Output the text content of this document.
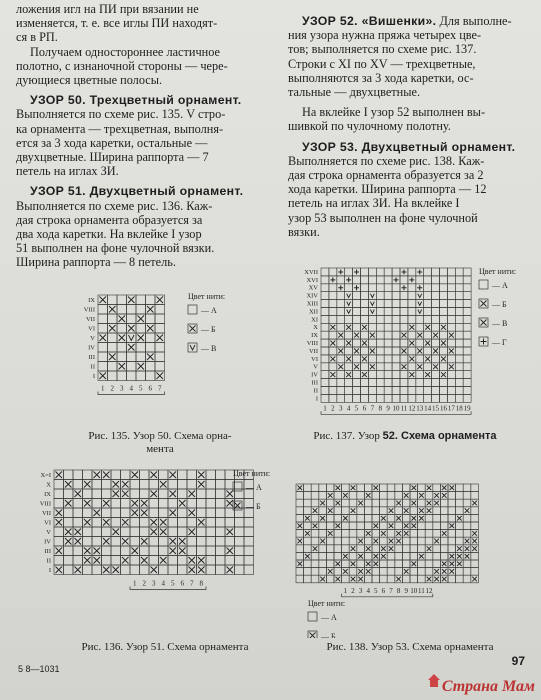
ложения игл на ПИ при вязании не

изменяется, т. е. все иглы ПИ находят-

ся в РП.

Получаем одностороннее ластичное

полотно, с изнаночной стороны — чере-

дующиеся цветные полосы.

УЗОР 50. Трехцветный орнамент.

Выполняется по схеме рис. 135. V стро-

ка орнамента — трехцветная, выполня-

ется за 3 хода каретки, остальные —

двухцветные. Ширина раппорта — 7

петель на иглах ЗИ.

УЗОР 51. Двухцветный орнамент.

Выполняется по схеме рис. 136. Каж-

дая строка орнамента образуется за

два хода каретки. На вклейке I узор

51 выполнен на фоне чулочной вязки.

Ширина раппорта — 8 петель.

УЗОР 52. «Вишенки». Для выполне-

ния узора нужна пряжа четырех цве-

тов; выполняется по схеме рис. 137.

Строки с XI по XV — трехцветные,

выполняются за 3 хода каретки, ос-

тальные — двухцветные.

На вклейке I узор 52 выполнен вы-

шивкой по чулочному полотну.

УЗОР 53. Двухцветный орнамент.

Выполняется по схеме рис. 138. Каж-

дая строка орнамента образуется за 2

хода каретки. Ширина раппорта — 12

петель на иглах ЗИ. На вклейке I

узор 53 выполнен на фоне чулочной

вязки.

IX
VIII
VII
VI
V
IV
III
II
I
1 2 3 4 5 6 7
Цвет нити:
— А
— Б
— В
Рис. 135. Узор 50. Схема орна-
мента
XVII
XVI
XV
XIV
XIII
XII
XI
X
IX
VIII
VII
VI
V
IV
III
II
I
1 2 3 4 5 6 7 8 9 10 11 12 13 14 15 16 17 18 19
Цвет нити:
— А
— Б
— В
— Г
Рис. 137. Узор 52. Схема орнамента
X=I
X
IX
VIII
VII
VI
V
IV
III
II
I
1 2 3 4 5 6 7 8
Цвет нити:
— А
— Б
Рис. 136. Узор 51. Схема орнамента
1 2 3 4 5 6 7 8 9 10 11 12
Цвет нити:
— А
— Б
Рис. 138. Узор 53. Схема орнамента
5 8—1031
97
Страна Мам
